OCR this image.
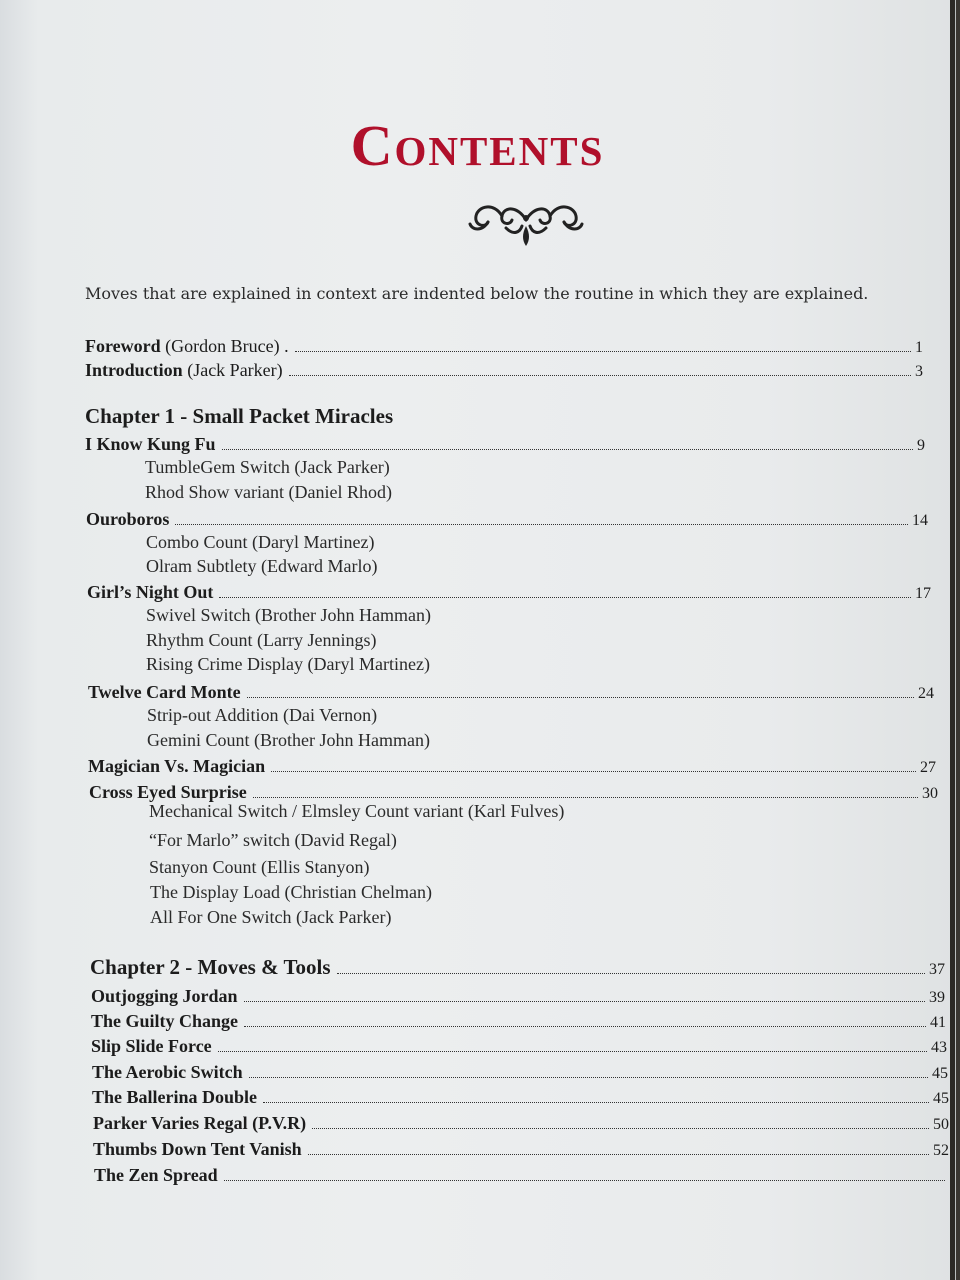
Contents

Moves that are explained in context are indented below the routine in which they are explained.

Foreword (Gordon Bruce) .	1
Introduction (Jack Parker)	3
Chapter 1 - Small Packet Miracles
I Know Kung Fu	9

TumbleGem Switch (Jack Parker)

Rhod Show variant (Daniel Rhod)

Ouroboros	14

Combo Count (Daryl Martinez)

Olram Subtlety (Edward Marlo)

Girl’s Night Out	17

Swivel Switch (Brother John Hamman)

Rhythm Count (Larry Jennings)

Rising Crime Display (Daryl Martinez)

Twelve Card Monte	24

Strip-out Addition (Dai Vernon)

Gemini Count (Brother John Hamman)

Magician Vs. Magician	27
Cross Eyed Surprise	30

Mechanical Switch / Elmsley Count variant (Karl Fulves)

“For Marlo” switch (David Regal)

Stanyon Count (Ellis Stanyon)

The Display Load (Christian Chelman)

All For One Switch (Jack Parker)

Chapter 2 - Moves & Tools	37
Outjogging Jordan	39
The Guilty Change	41
Slip Slide Force	43
The Aerobic Switch	45
The Ballerina Double	45
Parker Varies Regal (P.V.R)	50
Thumbs Down Tent Vanish	52
The Zen Spread
